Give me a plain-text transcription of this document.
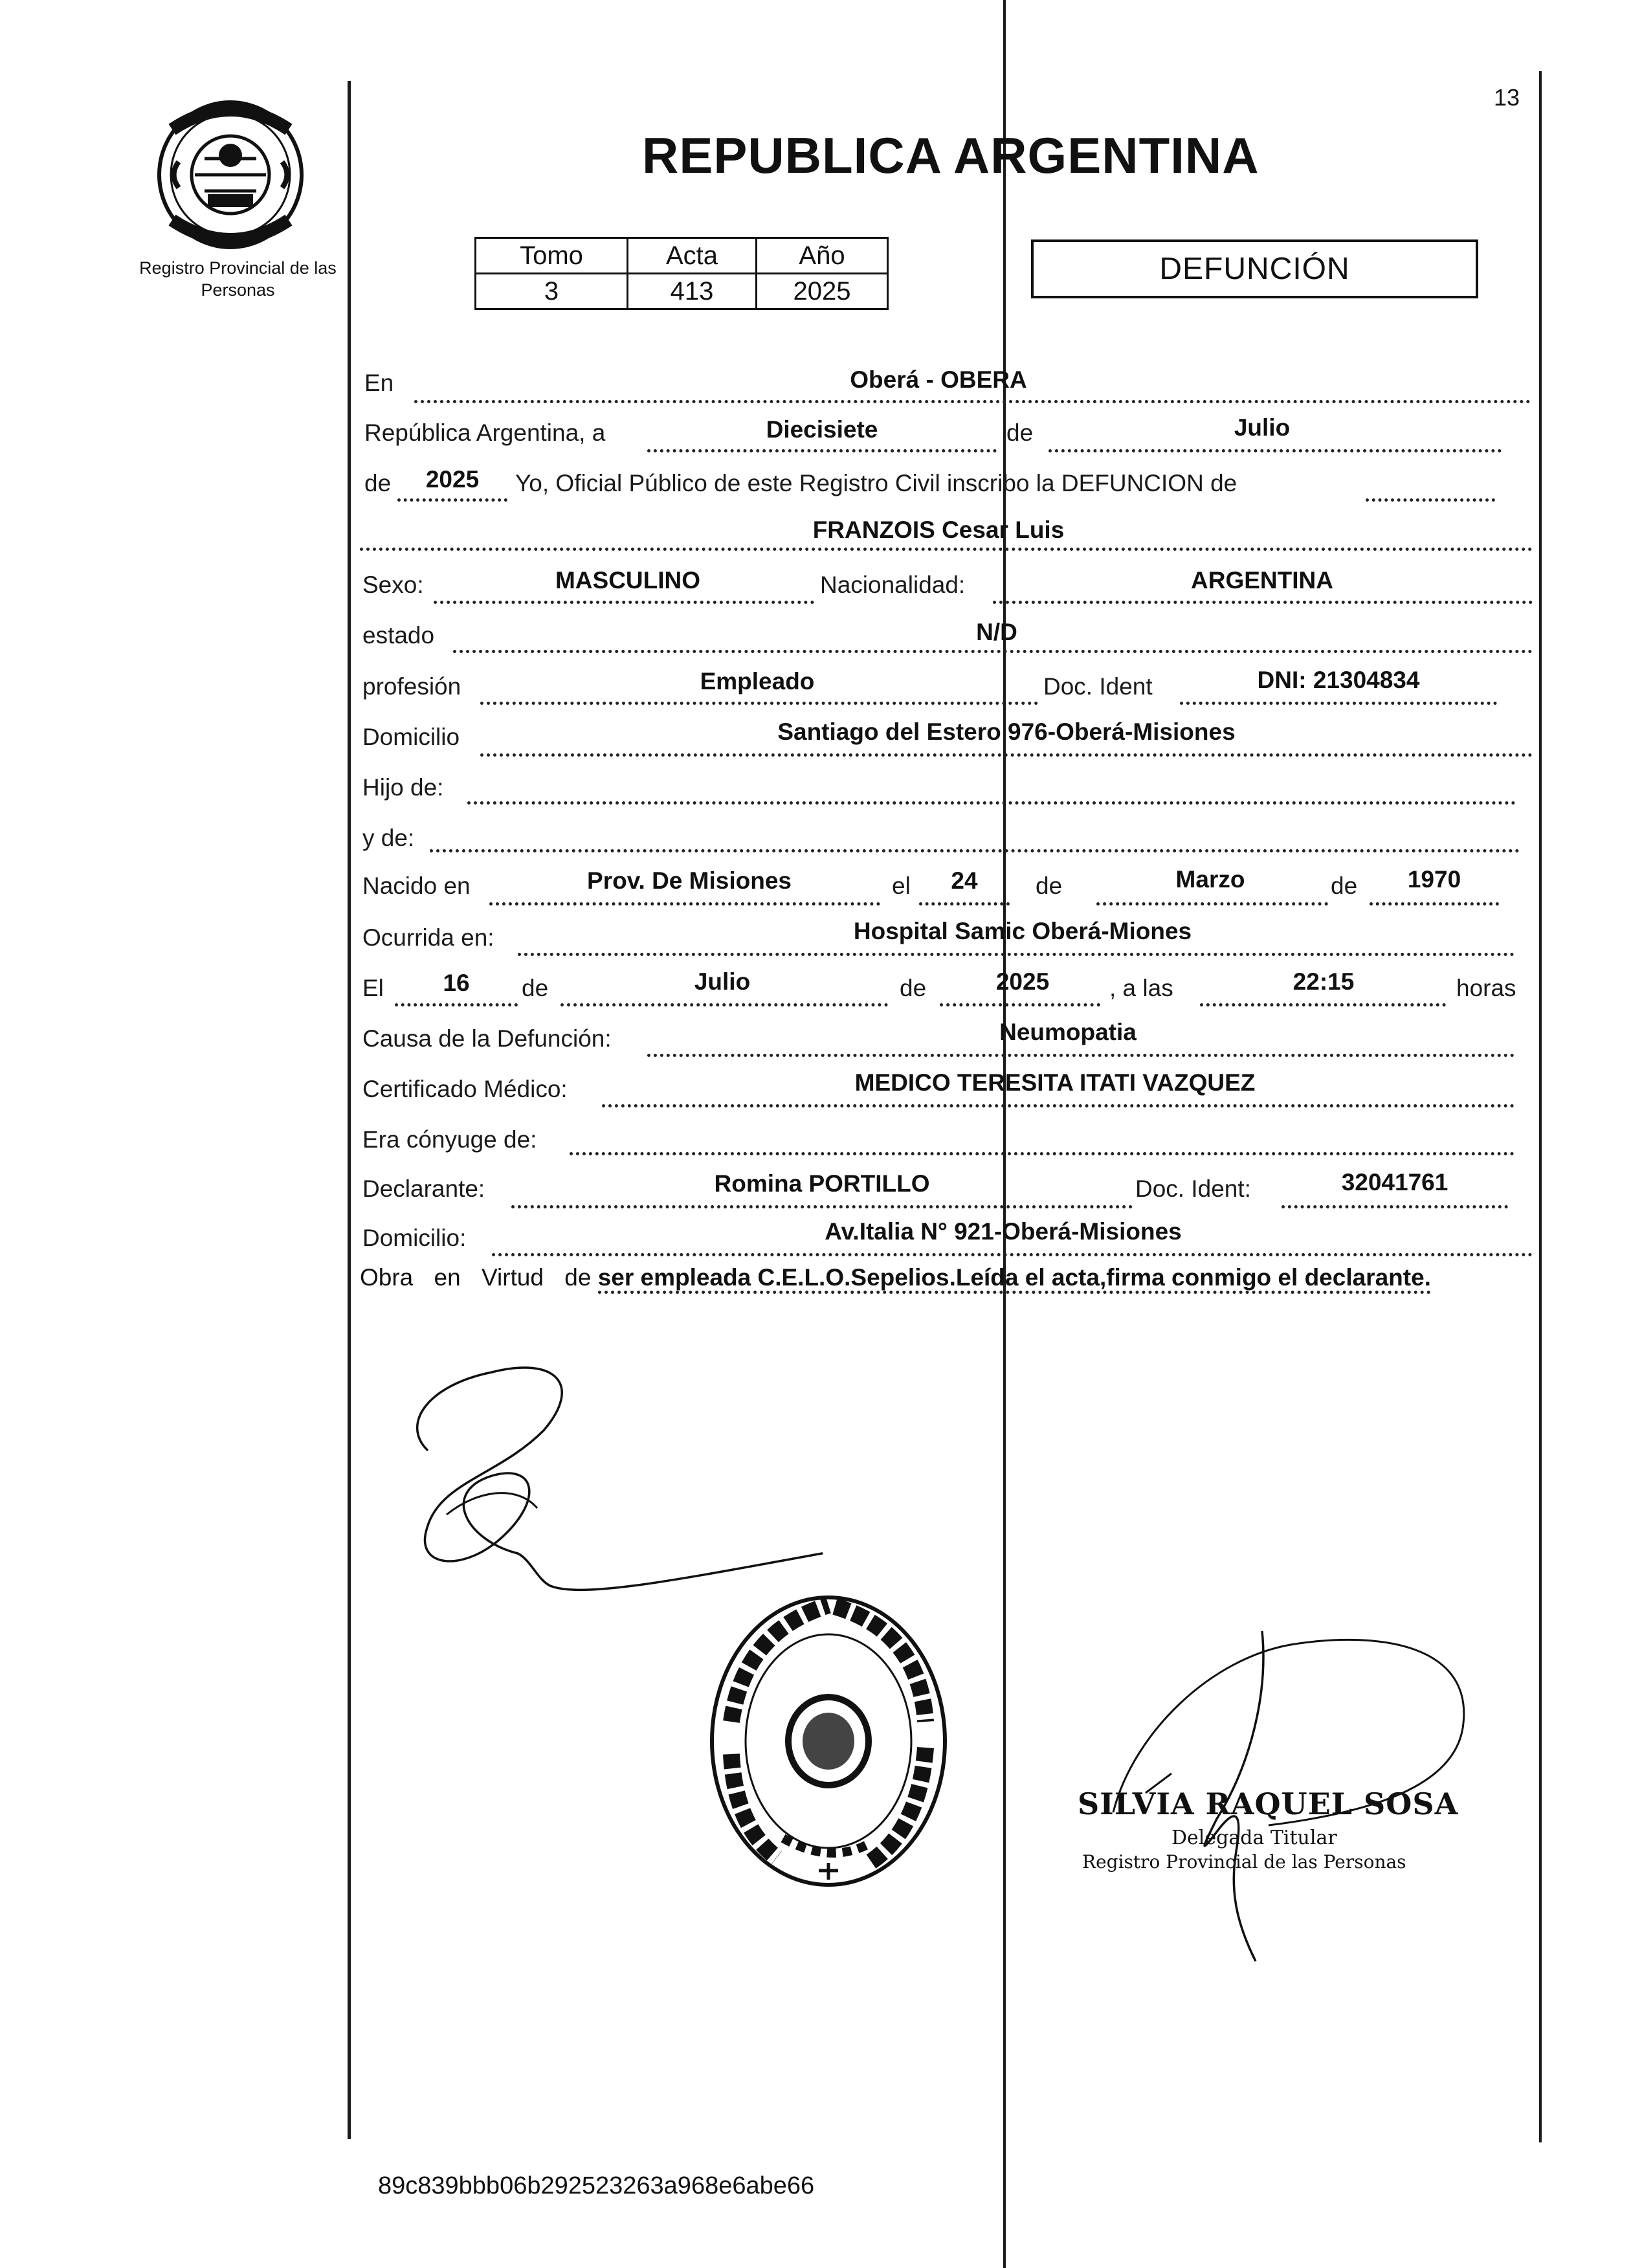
Registro Provincial de las Personas
REPUBLICA ARGENTINA
13
Tomo	Acta	Año
3	413	2025
DEFUNCIÓN
En	Oberá - OBERA
República Argentina, a	Diecisiete	de	Julio
de	2025	Yo, Oficial Público de este Registro Civil inscribo la DEFUNCION de
FRANZOIS Cesar Luis
Sexo:	MASCULINO	Nacionalidad:	ARGENTINA
estado	N/D
profesión	Empleado	Doc. Ident	DNI: 21304834
Domicilio	Santiago del Estero 976-Oberá-Misiones
Hijo de:
y de:
Nacido en	Prov. De Misiones	el	24	de	Marzo	de	1970
Ocurrida en:	Hospital Samic Oberá-Miones
El	16	de	Julio	de	2025	, a las	22:15	horas
Causa de la Defunción:	Neumopatia
Certificado Médico:	MEDICO TERESITA ITATI VAZQUEZ
Era cónyuge de:
Declarante:	Romina PORTILLO	Doc. Ident:	32041761
Domicilio:	Av.Italia N° 921-Oberá-Misiones
Obra en Virtud de ser empleada C.E.L.O.Sepelios.Leída el acta,firma conmigo el declarante.
SILVIA RAQUEL SOSA
Delegada Titular
Registro Provincial de las Personas
89c839bbb06b292523263a968e6abe66
